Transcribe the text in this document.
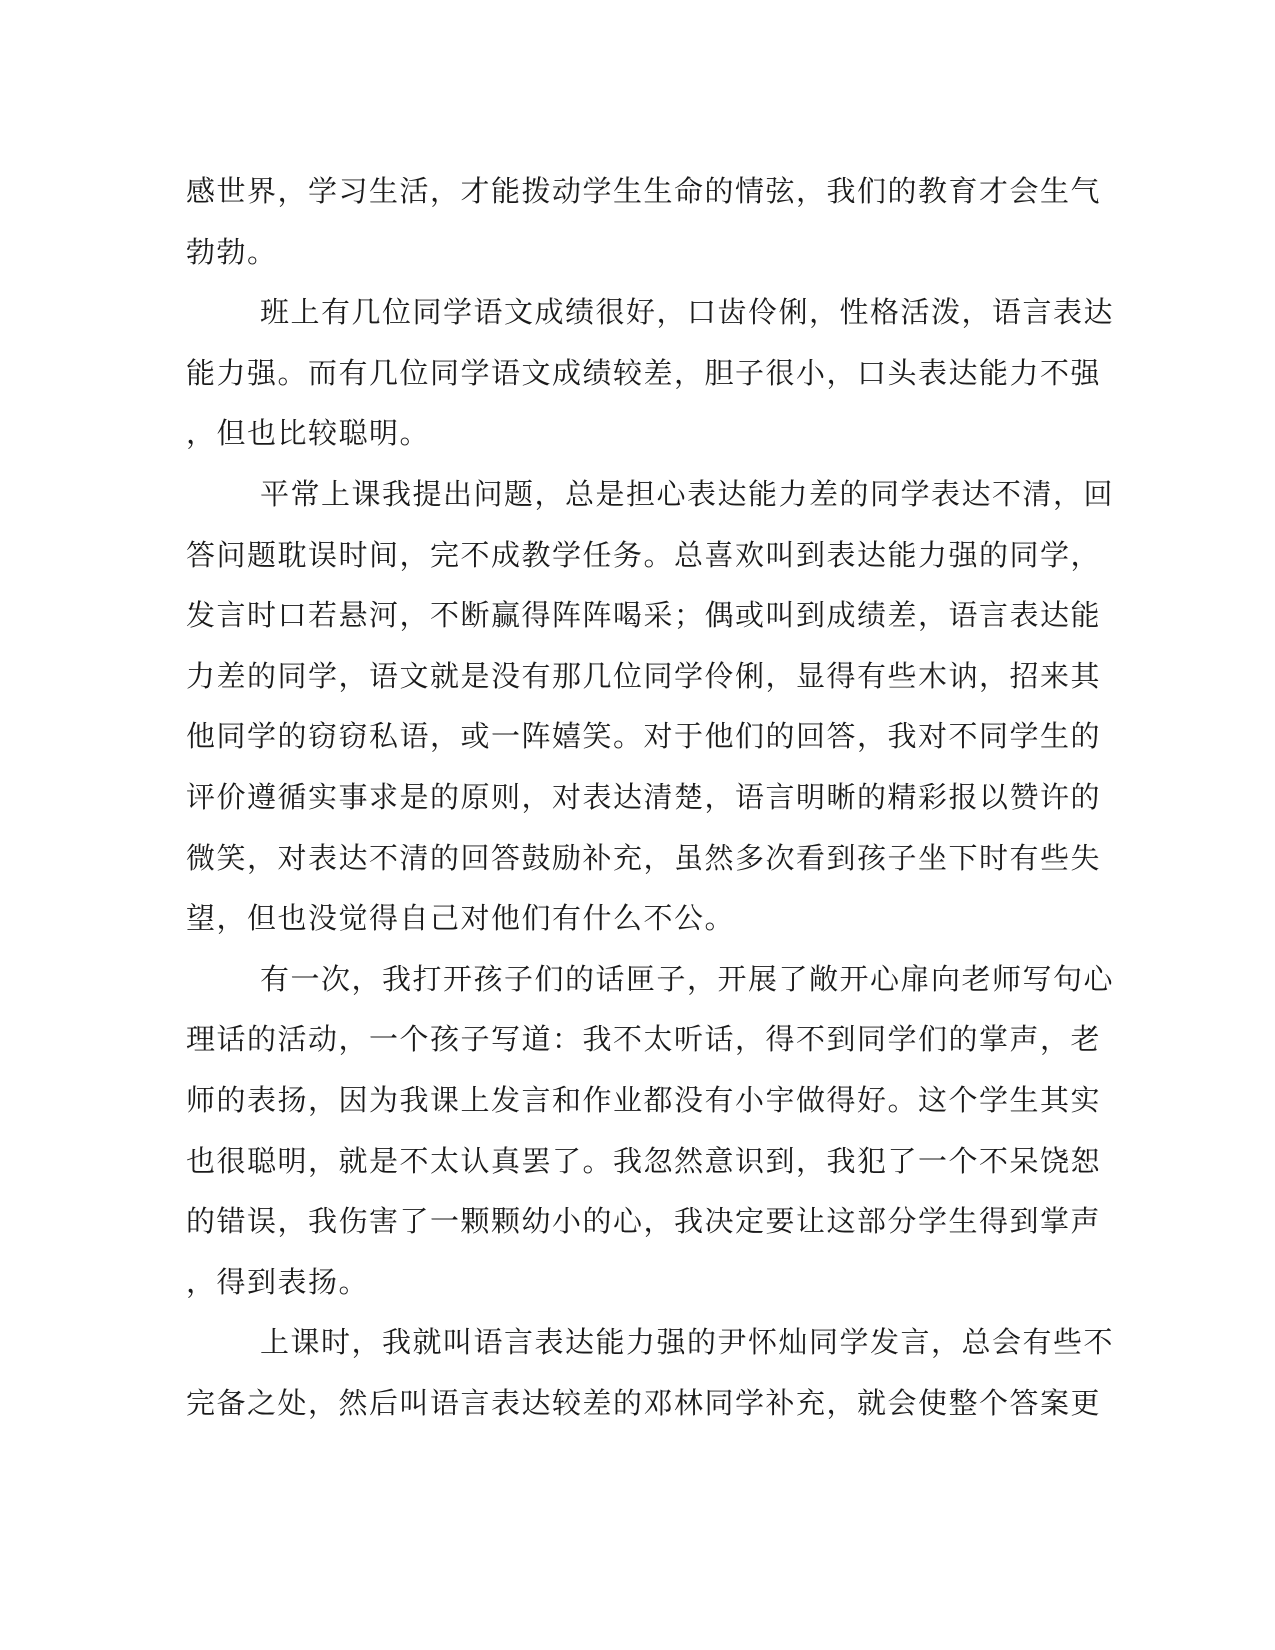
感世界，学习生活，才能拨动学生生命的情弦，我们的教育才会生气
勃勃。
班上有几位同学语文成绩很好，口齿伶俐，性格活泼，语言表达
能力强。而有几位同学语文成绩较差，胆子很小，口头表达能力不强
，但也比较聪明。
平常上课我提出问题，总是担心表达能力差的同学表达不清，回
答问题耽误时间，完不成教学任务。总喜欢叫到表达能力强的同学，
发言时口若悬河，不断赢得阵阵喝采；偶或叫到成绩差，语言表达能
力差的同学，语文就是没有那几位同学伶俐，显得有些木讷，招来其
他同学的窃窃私语，或一阵嬉笑。对于他们的回答，我对不同学生的
评价遵循实事求是的原则，对表达清楚，语言明晰的精彩报以赞许的
微笑，对表达不清的回答鼓励补充，虽然多次看到孩子坐下时有些失
望，但也没觉得自己对他们有什么不公。
有一次，我打开孩子们的话匣子，开展了敞开心扉向老师写句心
理话的活动，一个孩子写道：我不太听话，得不到同学们的掌声，老
师的表扬，因为我课上发言和作业都没有小宇做得好。这个学生其实
也很聪明，就是不太认真罢了。我忽然意识到，我犯了一个不呆饶恕
的错误，我伤害了一颗颗幼小的心，我决定要让这部分学生得到掌声
，得到表扬。
上课时，我就叫语言表达能力强的尹怀灿同学发言，总会有些不
完备之处，然后叫语言表达较差的邓林同学补充，就会使整个答案更
